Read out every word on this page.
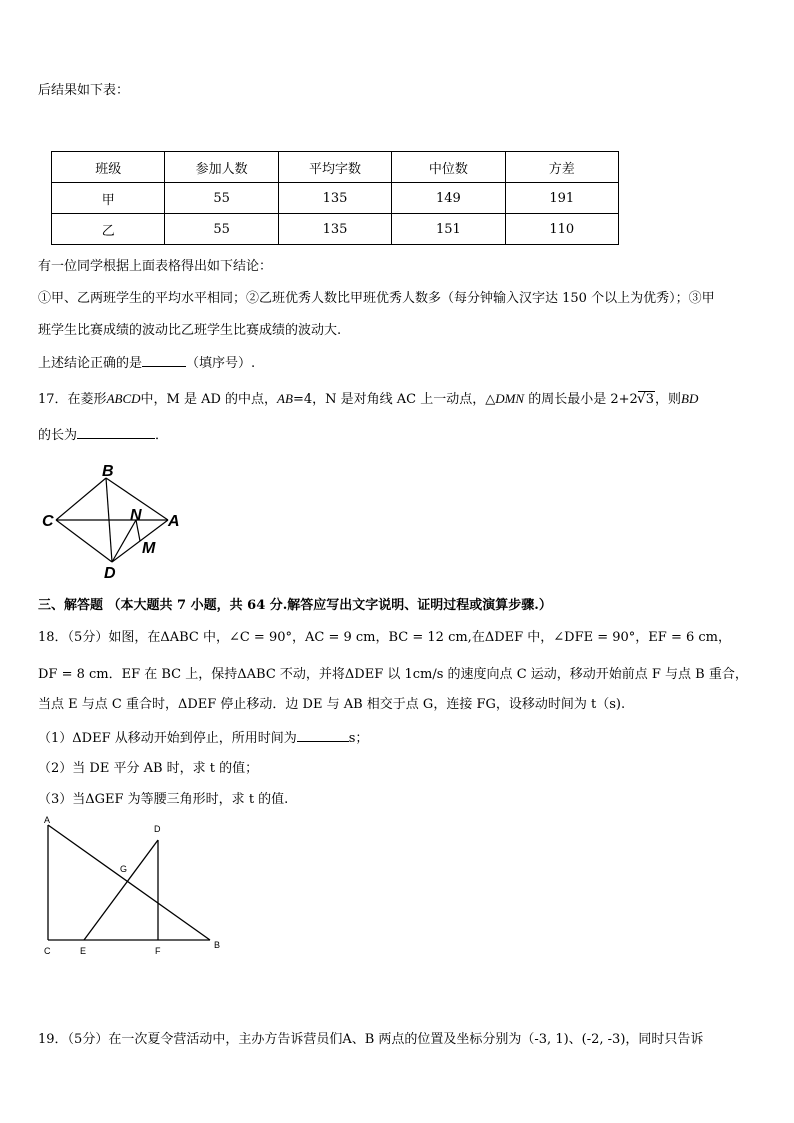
后结果如下表：
班级	参加人数	平均字数	中位数	方差
甲	55	135	149	191
乙	55	135	151	110
有一位同学根据上面表格得出如下结论：
①甲、乙两班学生的平均水平相同；②乙班优秀人数比甲班优秀人数多（每分钟输入汉字达 150 个以上为优秀）；③甲
班学生比赛成绩的波动比乙班学生比赛成绩的波动大.
上述结论正确的是	（填序号）.
17．在菱形ABCD中，M 是 AD 的中点，AB=4，N 是对角线 AC 上一动点，△DMN 的周长最小是 2+2√3，则BD
的长为	．
B
C	N A
M
D
三、解答题 （本大题共 7 小题，共 64 分.解答应写出文字说明、证明过程或演算步骤.）
18．（5分）如图，在ΔABC 中，∠C = 90°，AC = 9 cm，BC = 12 cm,在ΔDEF 中，∠DFE = 90°，EF = 6 cm，
DF = 8 cm．EF 在 BC 上，保持ΔABC 不动，并将ΔDEF 以 1cm/s 的速度向点 C 运动，移动开始前点 F 与点 B 重合，
当点 E 与点 C 重合时，ΔDEF 停止移动．边 DE 与 AB 相交于点 G，连接 FG，设移动时间为 t（s).
（1）ΔDEF 从移动开始到停止，所用时间为	s；
（2）当 DE 平分 AB 时，求 t 的值；
（3）当ΔGEF 为等腰三角形时，求 t 的值.
A
D
G
C	E	F
B
19．（5分）在一次夏令营活动中，主办方告诉营员们A、B 两点的位置及坐标分别为（-3, 1)、(-2, -3)，同时只告诉
